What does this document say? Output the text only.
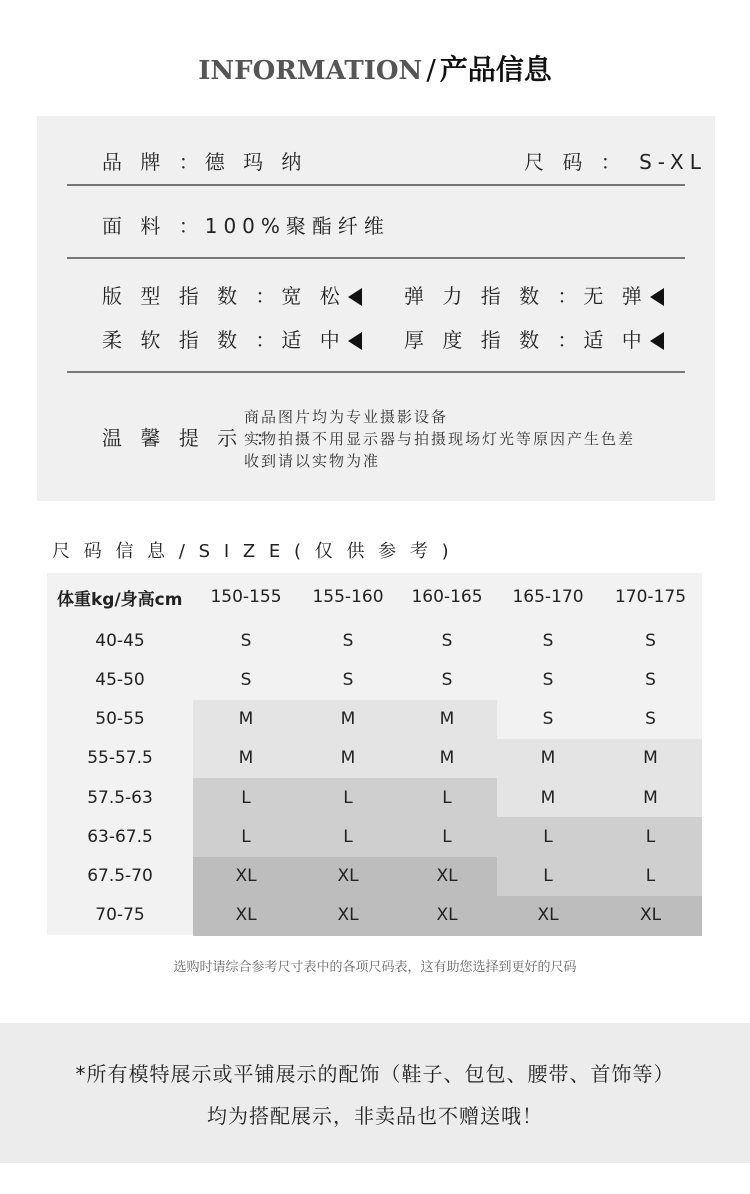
INFORMATION / 产品信息
品 牌 ：德 玛 纳	尺 码 ： S-XL
面 料 ：100%聚酯纤维
版 型 指 数 ：宽 松	弹 力 指 数 ：无 弹
柔 软 指 数 ：适 中	厚 度 指 数 ：适 中
温 馨 提 示 ：
商品图片均为专业摄影设备
实物拍摄不用显示器与拍摄现场灯光等原因产生色差
收到请以实物为准
尺 码 信 息 / S I Z E ( 仅 供 参 考 )
体重kg/身高cm	150-155	155-160	160-165	165-170	170-175
40-45	S	S	S	S	S
45-50	S	S	S	S	S
50-55	M	M	M	S	S
55-57.5	M	M	M	M	M
57.5-63	L	L	L	M	M
63-67.5	L	L	L	L	L
67.5-70	XL	XL	XL	L	L
70-75	XL	XL	XL	XL	XL
选购时请综合参考尺寸表中的各项尺码表，这有助您选择到更好的尺码
*所有模特展示或平铺展示的配饰（鞋子、包包、腰带、首饰等）
均为搭配展示，非卖品也不赠送哦！
